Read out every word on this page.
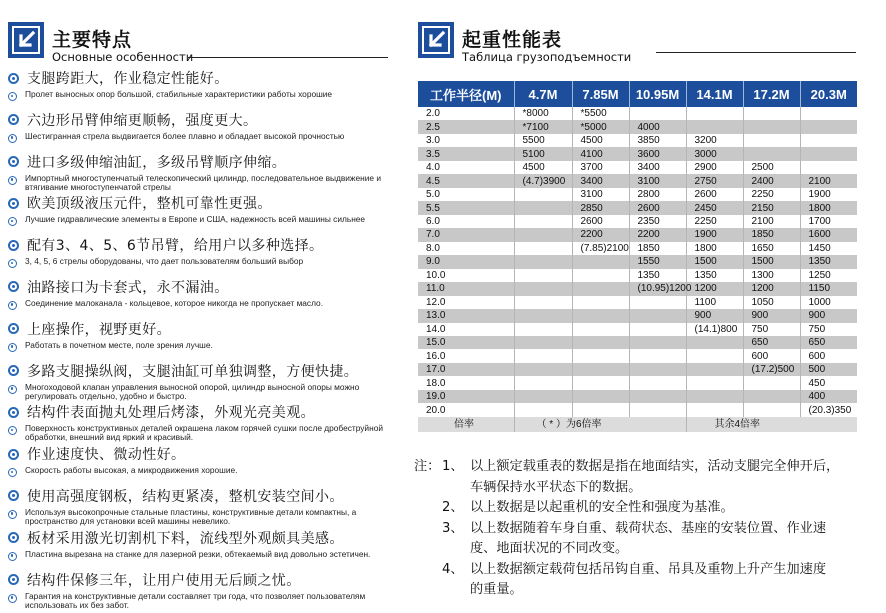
主要特点
Основные особенности
支腿跨距大，作业稳定性能好。
Пролет выносных опор большой, стабильные характеристики работы хорошие
六边形吊臂伸缩更顺畅，强度更大。
Шестигранная стрела выдвигается более плавно и обладает высокой прочностью
进口多级伸缩油缸，多级吊臂顺序伸缩。
Импортный многоступенчатый телескопический цилиндр, последовательное выдвижение и втягивание многоступенчатой стрелы
欧美顶级液压元件，整机可靠性更强。
Лучшие гидравлические элементы в Европе и США, надежность всей машины сильнее
配有3、4、5、6节吊臂，给用户以多种选择。
3, 4, 5, 6 стрелы оборудованы, что дает пользователям больший выбор
油路接口为卡套式，永不漏油。
Соединение малоканала - кольцевое, которое никогда не пропускает масло.
上座操作，视野更好。
Работать в почетном месте, поле зрения лучше.
多路支腿操纵阀，支腿油缸可单独调整，方便快捷。
Многоходовой клапан управления выносной опорой, цилиндр выносной опоры можно регулировать отдельно, удобно и быстро.
结构件表面抛丸处理后烤漆，外观光亮美观。
Поверхность конструктивных деталей окрашена лаком горячей сушки после дробеструйной обработки, внешний вид яркий и красивый.
作业速度快、微动性好。
Скорость работы высокая, а микродвижения хорошие.
使用高强度钢板，结构更紧凑，整机安装空间小。
Используя высокопрочные стальные пластины, конструктивные детали компактны, а пространство для установки всей машины невелико.
板材采用激光切割机下料，流线型外观颇具美感。
Пластина вырезана на станке для лазерной резки, обтекаемый вид довольно эстетичен.
结构件保修三年，让用户使用无后顾之忧。
Гарантия на конструктивные детали составляет три года, что позволяет пользователям использовать их без забот.
起重性能表
Таблица грузоподъемности
工作半径(M)	4.7M	7.85M	10.95M	14.1M	17.2M	20.3M
2.0	*8000	*5500				
2.5	*7100	*5000	4000			
3.0	5500	4500	3850	3200		
3.5	5100	4100	3600	3000		
4.0	4500	3700	3400	2900	2500	
4.5	(4.7)3900	3400	3100	2750	2400	2100
5.0		3100	2800	2600	2250	1900
5.5		2850	2600	2450	2150	1800
6.0		2600	2350	2250	2100	1700
7.0		2200	2200	1900	1850	1600
8.0		(7.85)2100	1850	1800	1650	1450
9.0			1550	1500	1500	1350
10.0			1350	1350	1300	1250
11.0			(10.95)1200	1200	1200	1150
12.0				1100	1050	1000
13.0				900	900	900
14.0				(14.1)800	750	750
15.0					650	650
16.0					600	600
17.0					(17.2)500	500
18.0						450
19.0						400
20.0						(20.3)350
倍率	（ * ）为6倍率			其余4倍率		
注： 1、 以上额定载重表的数据是指在地面结实，活动支腿完全伸开后，
车辆保持水平状态下的数据。
2、 以上数据是以起重机的安全性和强度为基准。
3、 以上数据随着车身自重、载荷状态、基座的安装位置、作业速
度、地面状况的不同改变。
4、 以上数据额定载荷包括吊钩自重、吊具及重物上升产生加速度
的重量。
